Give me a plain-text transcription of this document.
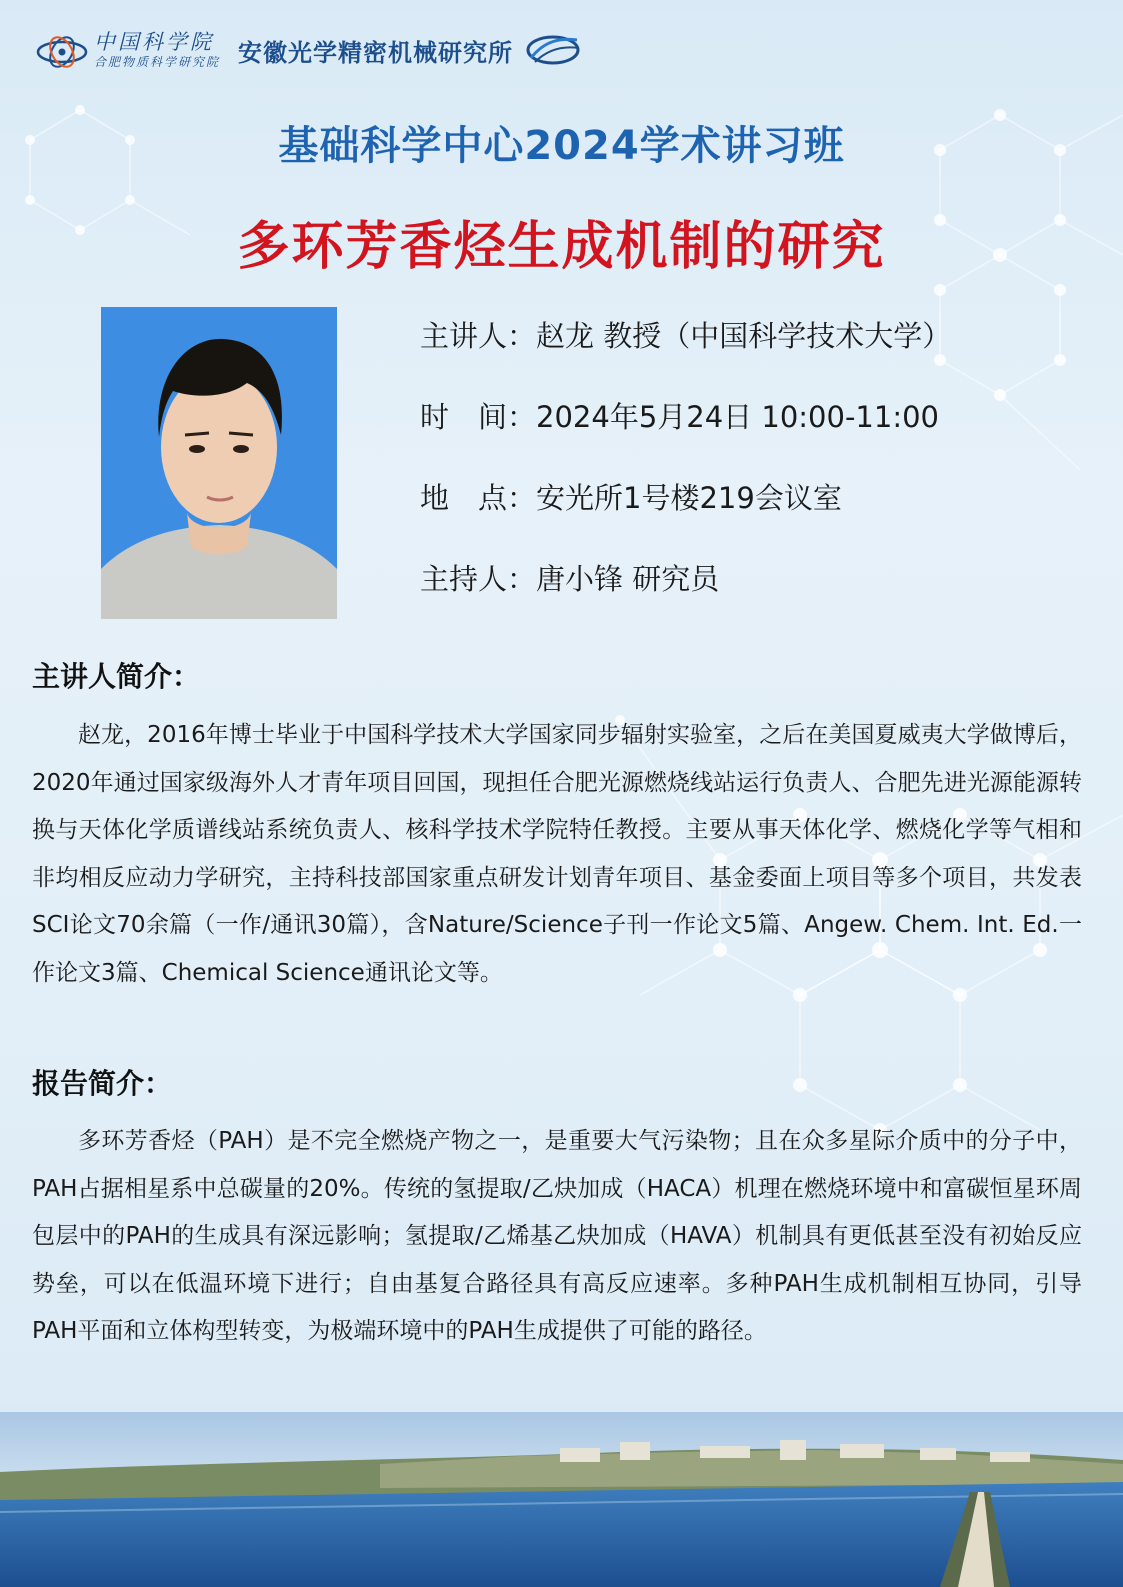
中国科学院
合肥物质科学研究院 安徽光学精密机械研究所
基础科学中心2024学术讲习班
多环芳香烃生成机制的研究
主讲人：赵龙 教授（中国科学技术大学）
时　间：2024年5月24日 10:00-11:00
地　点：安光所1号楼219会议室
主持人：唐小锋 研究员
主讲人简介：
赵龙，2016年博士毕业于中国科学技术大学国家同步辐射实验室，之后在美国夏威夷大学做博后，2020年通过国家级海外人才青年项目回国，现担任合肥光源燃烧线站运行负责人、合肥先进光源能源转换与天体化学质谱线站系统负责人、核科学技术学院特任教授。主要从事天体化学、燃烧化学等气相和非均相反应动力学研究，主持科技部国家重点研发计划青年项目、基金委面上项目等多个项目，共发表SCI论文70余篇（一作/通讯30篇），含Nature/Science子刊一作论文5篇、Angew. Chem. Int. Ed.一作论文3篇、Chemical Science通讯论文等。
报告简介：
多环芳香烃（PAH）是不完全燃烧产物之一，是重要大气污染物；且在众多星际介质中的分子中，PAH占据相星系中总碳量的20%。传统的氢提取/乙炔加成（HACA）机理在燃烧环境中和富碳恒星环周包层中的PAH的生成具有深远影响；氢提取/乙烯基乙炔加成（HAVA）机制具有更低甚至没有初始反应势垒，可以在低温环境下进行；自由基复合路径具有高反应速率。多种PAH生成机制相互协同，引导PAH平面和立体构型转变，为极端环境中的PAH生成提供了可能的路径。
